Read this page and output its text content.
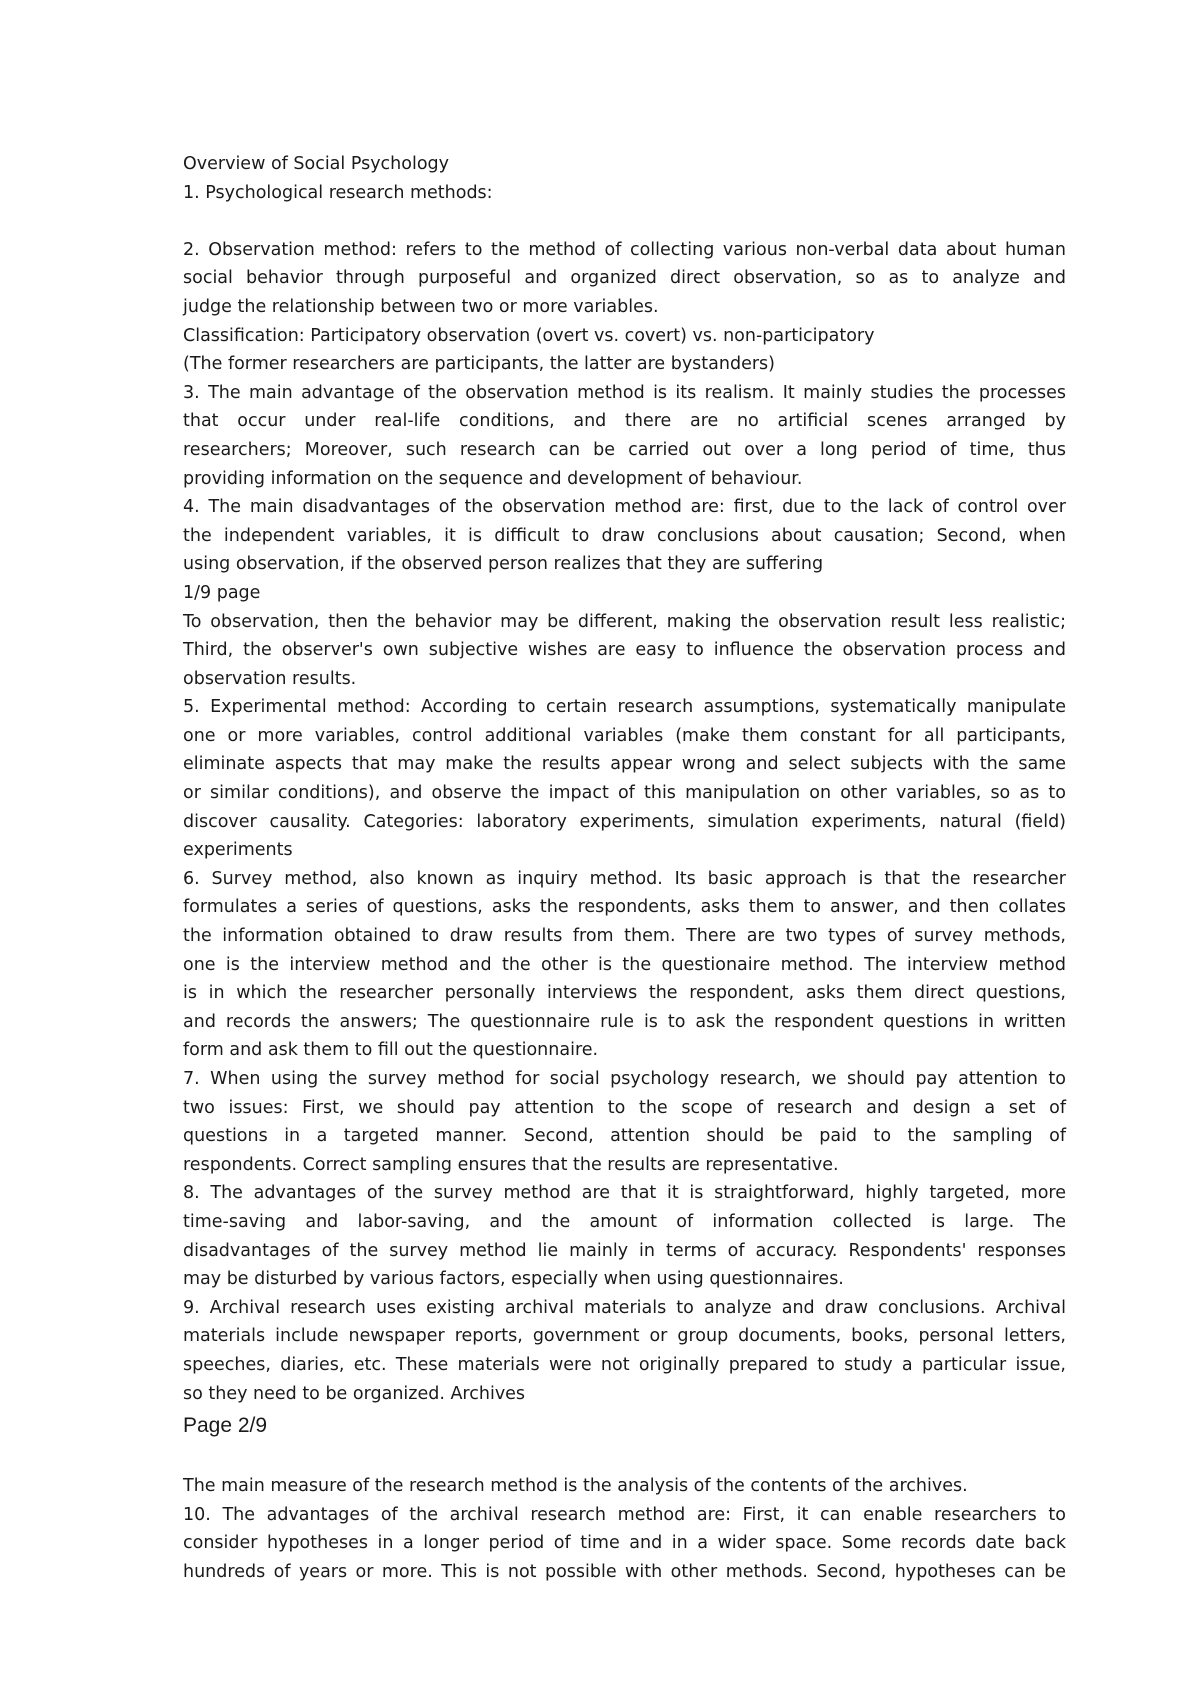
Overview of Social Psychology

1. Psychological research methods:

2. Observation method: refers to the method of collecting various non-verbal data about human

social behavior through purposeful and organized direct observation, so as to analyze and

judge the relationship between two or more variables.

Classification: Participatory observation (overt vs. covert) vs. non-participatory

(The former researchers are participants, the latter are bystanders)

3. The main advantage of the observation method is its realism. It mainly studies the processes

that occur under real-life conditions, and there are no artificial scenes arranged by

researchers; Moreover, such research can be carried out over a long period of time, thus

providing information on the sequence and development of behaviour.

4. The main disadvantages of the observation method are: first, due to the lack of control over

the independent variables, it is difficult to draw conclusions about causation; Second, when

using observation, if the observed person realizes that they are suffering

1/9 page

To observation, then the behavior may be different, making the observation result less realistic;

Third, the observer's own subjective wishes are easy to influence the observation process and

observation results.

5. Experimental method: According to certain research assumptions, systematically manipulate

one or more variables, control additional variables (make them constant for all participants,

eliminate aspects that may make the results appear wrong and select subjects with the same

or similar conditions), and observe the impact of this manipulation on other variables, so as to

discover causality. Categories: laboratory experiments, simulation experiments, natural (field)

experiments

6. Survey method, also known as inquiry method. Its basic approach is that the researcher

formulates a series of questions, asks the respondents, asks them to answer, and then collates

the information obtained to draw results from them. There are two types of survey methods,

one is the interview method and the other is the questionaire method. The interview method

is in which the researcher personally interviews the respondent, asks them direct questions,

and records the answers; The questionnaire rule is to ask the respondent questions in written

form and ask them to fill out the questionnaire.

7. When using the survey method for social psychology research, we should pay attention to

two issues: First, we should pay attention to the scope of research and design a set of

questions in a targeted manner. Second, attention should be paid to the sampling of

respondents. Correct sampling ensures that the results are representative.

8. The advantages of the survey method are that it is straightforward, highly targeted, more

time-saving and labor-saving, and the amount of information collected is large. The

disadvantages of the survey method lie mainly in terms of accuracy. Respondents' responses

may be disturbed by various factors, especially when using questionnaires.

9. Archival research uses existing archival materials to analyze and draw conclusions. Archival

materials include newspaper reports, government or group documents, books, personal letters,

speeches, diaries, etc. These materials were not originally prepared to study a particular issue,

so they need to be organized. Archives

Page 2/9

The main measure of the research method is the analysis of the contents of the archives.

10. The advantages of the archival research method are: First, it can enable researchers to

consider hypotheses in a longer period of time and in a wider space. Some records date back

hundreds of years or more. This is not possible with other methods. Second, hypotheses can be
